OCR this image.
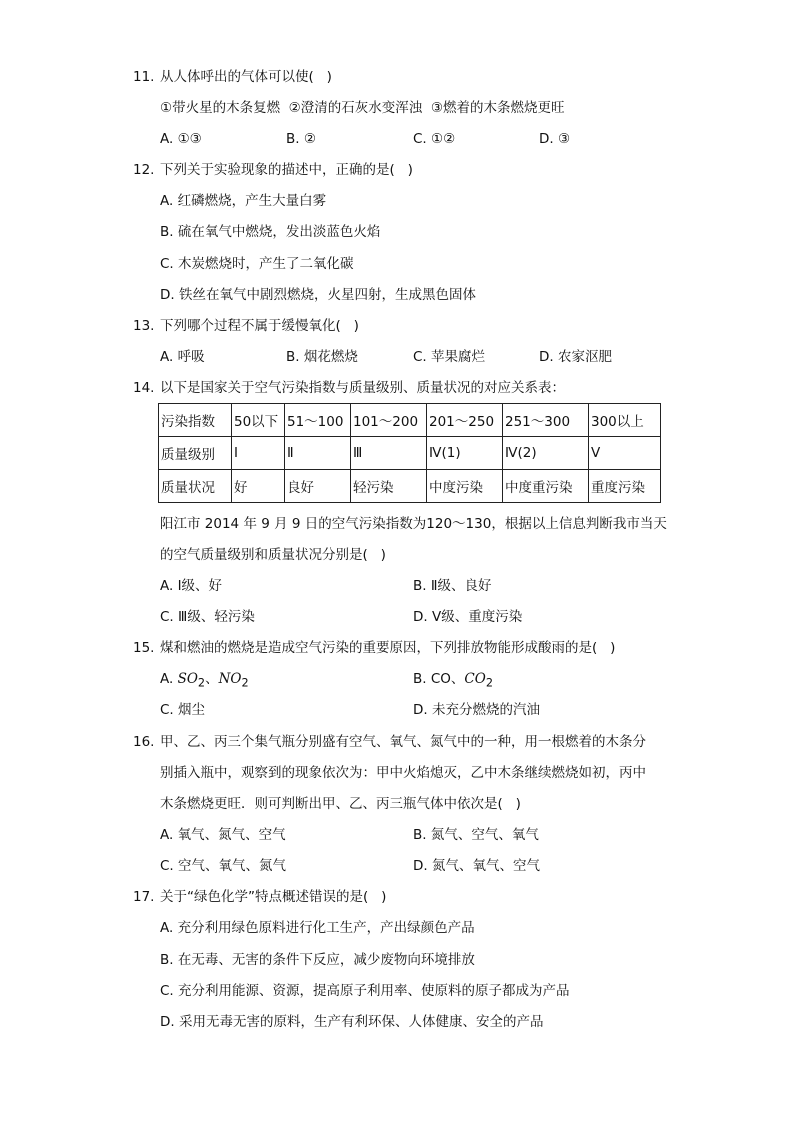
11. 从人体呼出的气体可以使(   )
①带火星的木条复燃  ②澄清的石灰水变浑浊  ③燃着的木条燃烧更旺
A. ①③	B. ②	C. ①②	D. ③
12. 下列关于实验现象的描述中，正确的是(   )
A. 红磷燃烧，产生大量白雾
B. 硫在氧气中燃烧，发出淡蓝色火焰
C. 木炭燃烧时，产生了二氧化碳
D. 铁丝在氧气中剧烈燃烧，火星四射，生成黑色固体
13. 下列哪个过程不属于缓慢氧化(   )
A. 呼吸	B. 烟花燃烧	C. 苹果腐烂	D. 农家沤肥
14. 以下是国家关于空气污染指数与质量级别、质量状况的对应关系表：
污染指数	50以下	51～100	101～200	201～250	251～300	300以上
质量级别	Ⅰ	Ⅱ	Ⅲ	Ⅳ(1)	Ⅳ(2)	Ⅴ
质量状况	好	良好	轻污染	中度污染	中度重污染	重度污染
阳江市 2014 年 9 月 9 日的空气污染指数为120～130，根据以上信息判断我市当天
的空气质量级别和质量状况分别是(   )
A. Ⅰ级、好	B. Ⅱ级、良好
C. Ⅲ级、轻污染	D. Ⅴ级、重度污染
15. 煤和燃油的燃烧是造成空气污染的重要原因，下列排放物能形成酸雨的是(   )
A. $SO_2$、$NO_2$	B. CO、$CO_2$
C. 烟尘	D. 未充分燃烧的汽油
16. 甲、乙、丙三个集气瓶分别盛有空气、氧气、氮气中的一种，用一根燃着的木条分
别插入瓶中，观察到的现象依次为：甲中火焰熄灭，乙中木条继续燃烧如初，丙中
木条燃烧更旺．则可判断出甲、乙、丙三瓶气体中依次是(   )
A. 氧气、氮气、空气	B. 氮气、空气、氧气
C. 空气、氧气、氮气	D. 氮气、氧气、空气
17. 关于“绿色化学”特点概述错误的是(   )
A. 充分利用绿色原料进行化工生产，产出绿颜色产品
B. 在无毒、无害的条件下反应，减少废物向环境排放
C. 充分利用能源、资源，提高原子利用率、使原料的原子都成为产品
D. 采用无毒无害的原料，生产有利环保、人体健康、安全的产品
